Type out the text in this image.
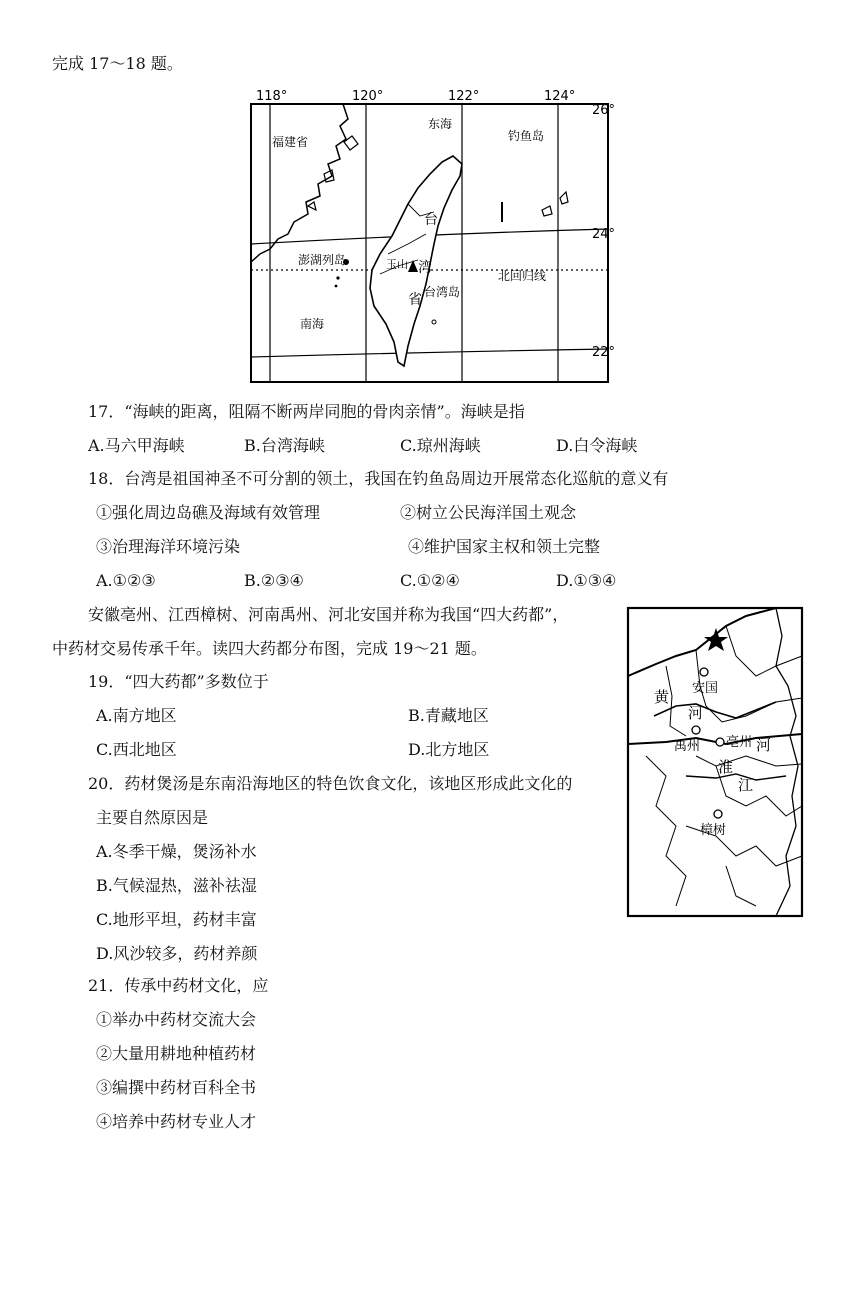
完成 17～18 题。
118°	120°	122°	124°
26°
24°
22°
福建省
东海
钓鱼岛
澎湖列岛	玉山
北回归线
南海
台湾岛
台
湾
省
17．“海峡的距离，阻隔不断两岸同胞的骨肉亲情”。海峡是指
A.马六甲海峡	B.台湾海峡	C.琼州海峡	D.白令海峡
18．台湾是祖国神圣不可分割的领土，我国在钓鱼岛周边开展常态化巡航的意义有
①强化周边岛礁及海域有效管理	②树立公民海洋国土观念
③治理海洋环境污染	④维护国家主权和领土完整
A.①②③	B.②③④	C.①②④	D.①③④
安徽亳州、江西樟树、河南禹州、河北安国并称为我国“四大药都”，
中药材交易传承千年。读四大药都分布图，完成 19～21 题。
黄
河
安国
禹州 亳州
淮
河
江
樟树
19．“四大药都”多数位于
A.南方地区	B.青藏地区
C.西北地区	D.北方地区
20．药材煲汤是东南沿海地区的特色饮食文化，该地区形成此文化的
主要自然原因是
A.冬季干燥，煲汤补水
B.气候湿热，滋补祛湿
C.地形平坦，药材丰富
D.风沙较多，药材养颜
21．传承中药材文化，应
①举办中药材交流大会
②大量用耕地种植药材
③编撰中药材百科全书
④培养中药材专业人才
